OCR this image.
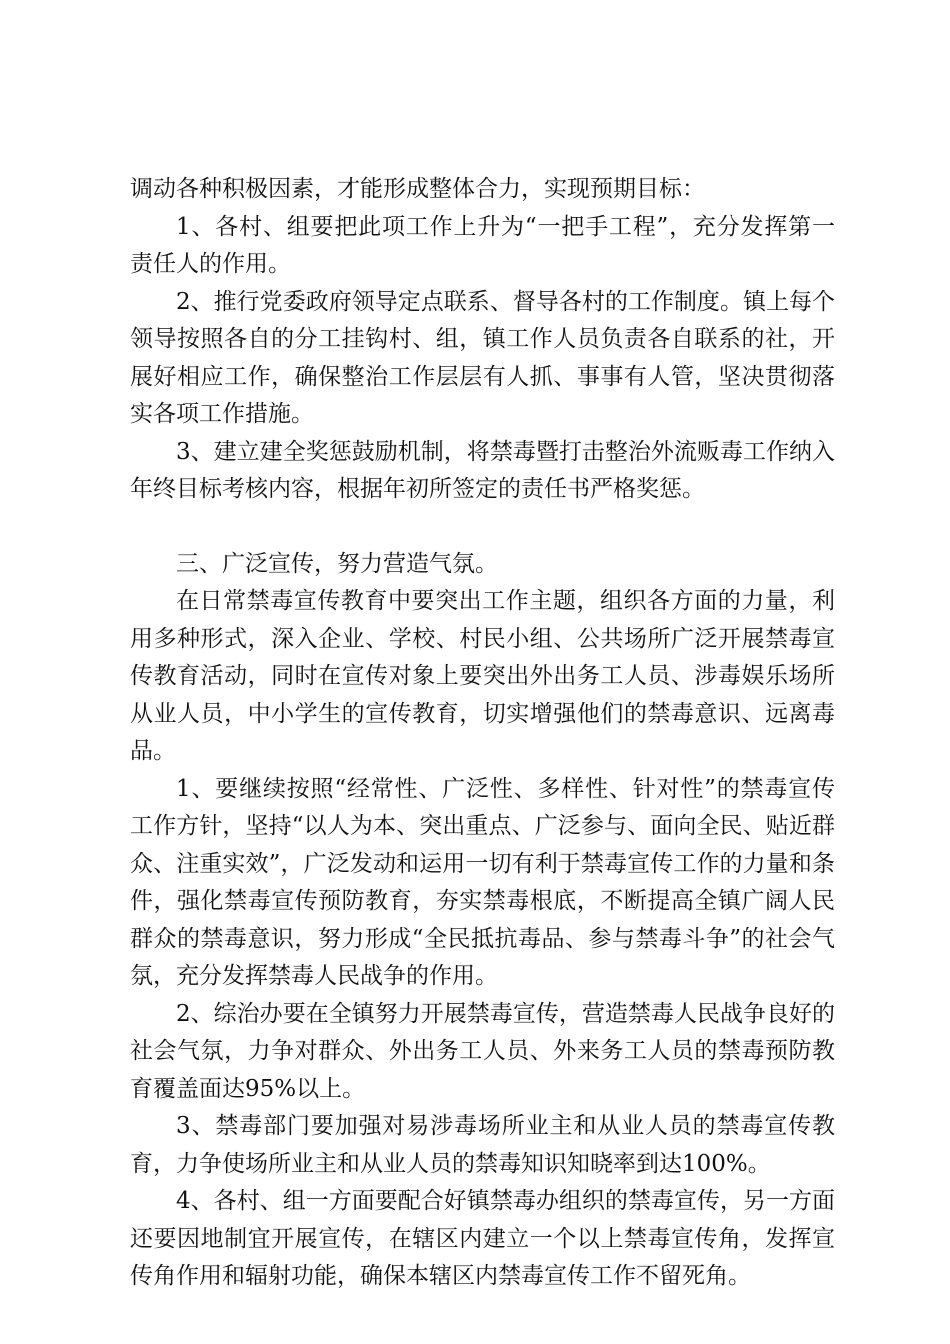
调动各种积极因素，才能形成整体合力，实现预期目标：

1、各村、组要把此项工作上升为“一把手工程”，充分发挥第一责任人的作用。

2、推行党委政府领导定点联系、督导各村的工作制度。镇上每个领导按照各自的分工挂钩村、组，镇工作人员负责各自联系的社，开展好相应工作，确保整治工作层层有人抓、事事有人管，坚决贯彻落实各项工作措施。

3、建立建全奖惩鼓励机制，将禁毒暨打击整治外流贩毒工作纳入年终目标考核内容，根据年初所签定的责任书严格奖惩。

三、广泛宣传，努力营造气氛。

在日常禁毒宣传教育中要突出工作主题，组织各方面的力量，利用多种形式，深入企业、学校、村民小组、公共场所广泛开展禁毒宣传教育活动，同时在宣传对象上要突出外出务工人员、涉毒娱乐场所从业人员，中小学生的宣传教育，切实增强他们的禁毒意识、远离毒品。

1、要继续按照“经常性、广泛性、多样性、针对性”的禁毒宣传工作方针，坚持“以人为本、突出重点、广泛参与、面向全民、贴近群众、注重实效”，广泛发动和运用一切有利于禁毒宣传工作的力量和条件，强化禁毒宣传预防教育，夯实禁毒根底，不断提高全镇广阔人民群众的禁毒意识，努力形成“全民抵抗毒品、参与禁毒斗争”的社会气氛，充分发挥禁毒人民战争的作用。

2、综治办要在全镇努力开展禁毒宣传，营造禁毒人民战争良好的社会气氛，力争对群众、外出务工人员、外来务工人员的禁毒预防教育覆盖面达95%以上。

3、禁毒部门要加强对易涉毒场所业主和从业人员的禁毒宣传教育，力争使场所业主和从业人员的禁毒知识知晓率到达100%。

4、各村、组一方面要配合好镇禁毒办组织的禁毒宣传，另一方面还要因地制宜开展宣传，在辖区内建立一个以上禁毒宣传角，发挥宣传角作用和辐射功能，确保本辖区内禁毒宣传工作不留死角。
